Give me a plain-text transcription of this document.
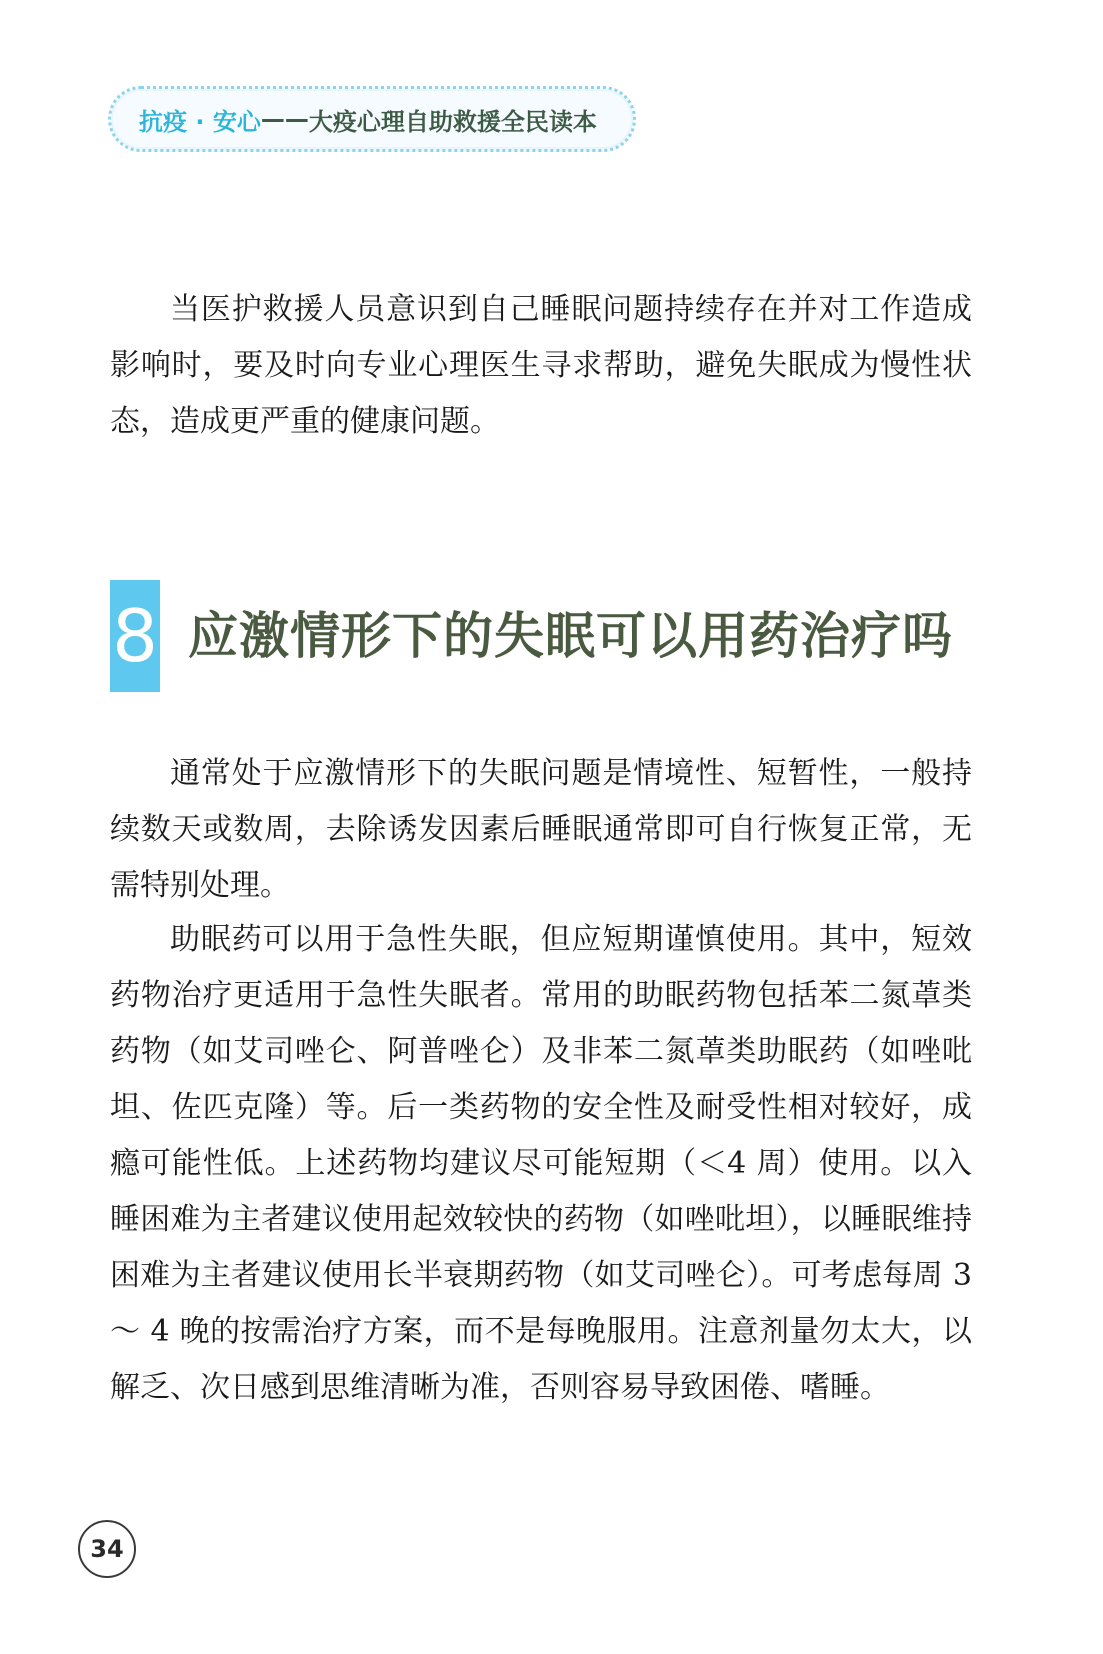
抗疫 · 安心 —— 大疫心理自助救援全民读本

当医护救援人员意识到自己睡眠问题持续存在并对工作造成影响时，要及时向专业心理医生寻求帮助，避免失眠成为慢性状态，造成更严重的健康问题。

8 应激情形下的失眠可以用药治疗吗

通常处于应激情形下的失眠问题是情境性、短暂性，一般持续数天或数周，去除诱发因素后睡眠通常即可自行恢复正常，无需特别处理。

助眠药可以用于急性失眠，但应短期谨慎使用。其中，短效药物治疗更适用于急性失眠者。常用的助眠药物包括苯二氮䓬类药物（如艾司唑仑、阿普唑仑）及非苯二氮䓬类助眠药（如唑吡坦、佐匹克隆）等。后一类药物的安全性及耐受性相对较好，成瘾可能性低。上述药物均建议尽可能短期（＜4 周）使用。以入睡困难为主者建议使用起效较快的药物（如唑吡坦），以睡眠维持困难为主者建议使用长半衰期药物（如艾司唑仑）。可考虑每周 3 ～ 4 晚的按需治疗方案，而不是每晚服用。注意剂量勿太大，以解乏、次日感到思维清晰为准，否则容易导致困倦、嗜睡。

34
